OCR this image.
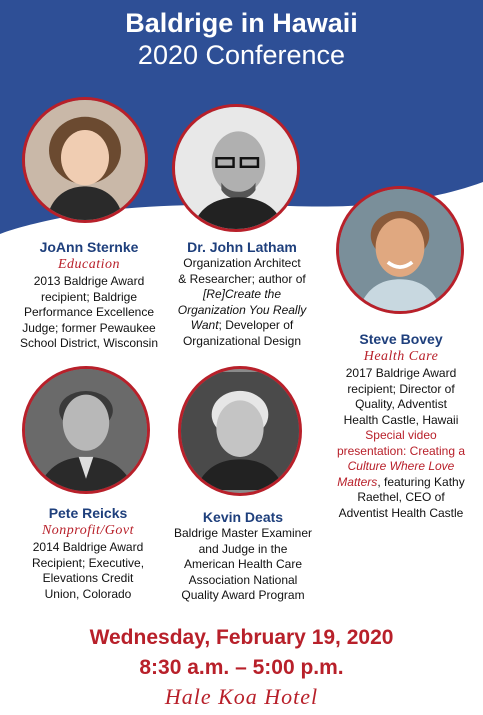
Baldrige in Hawaii
2020 Conference
JoAnn Sternke
Education
2013 Baldrige Award
recipient; Baldrige
Performance Excellence
Judge; former Pewaukee
School District, Wisconsin
Dr. John Latham
Organization Architect
& Researcher; author of
[Re]Create the
Organization You Really
Want; Developer of
Organizational Design	Steve Bovey
Health Care
2017 Baldrige Award
recipient; Director of
Quality, Adventist
Health Castle, Hawaii
Special video
presentation: Creating a
Culture Where Love
Matters, featuring Kathy
Raethel, CEO of
Adventist Health Castle
Pete Reicks
Nonprofit/Govt
2014 Baldrige Award
Recipient; Executive,
Elevations Credit
Union, Colorado
Kevin Deats
Baldrige Master Examiner
and Judge in the
American Health Care
Association National
Quality Award Program
Wednesday, February 19, 2020
8:30 a.m. – 5:00 p.m.
Hale Koa Hotel
